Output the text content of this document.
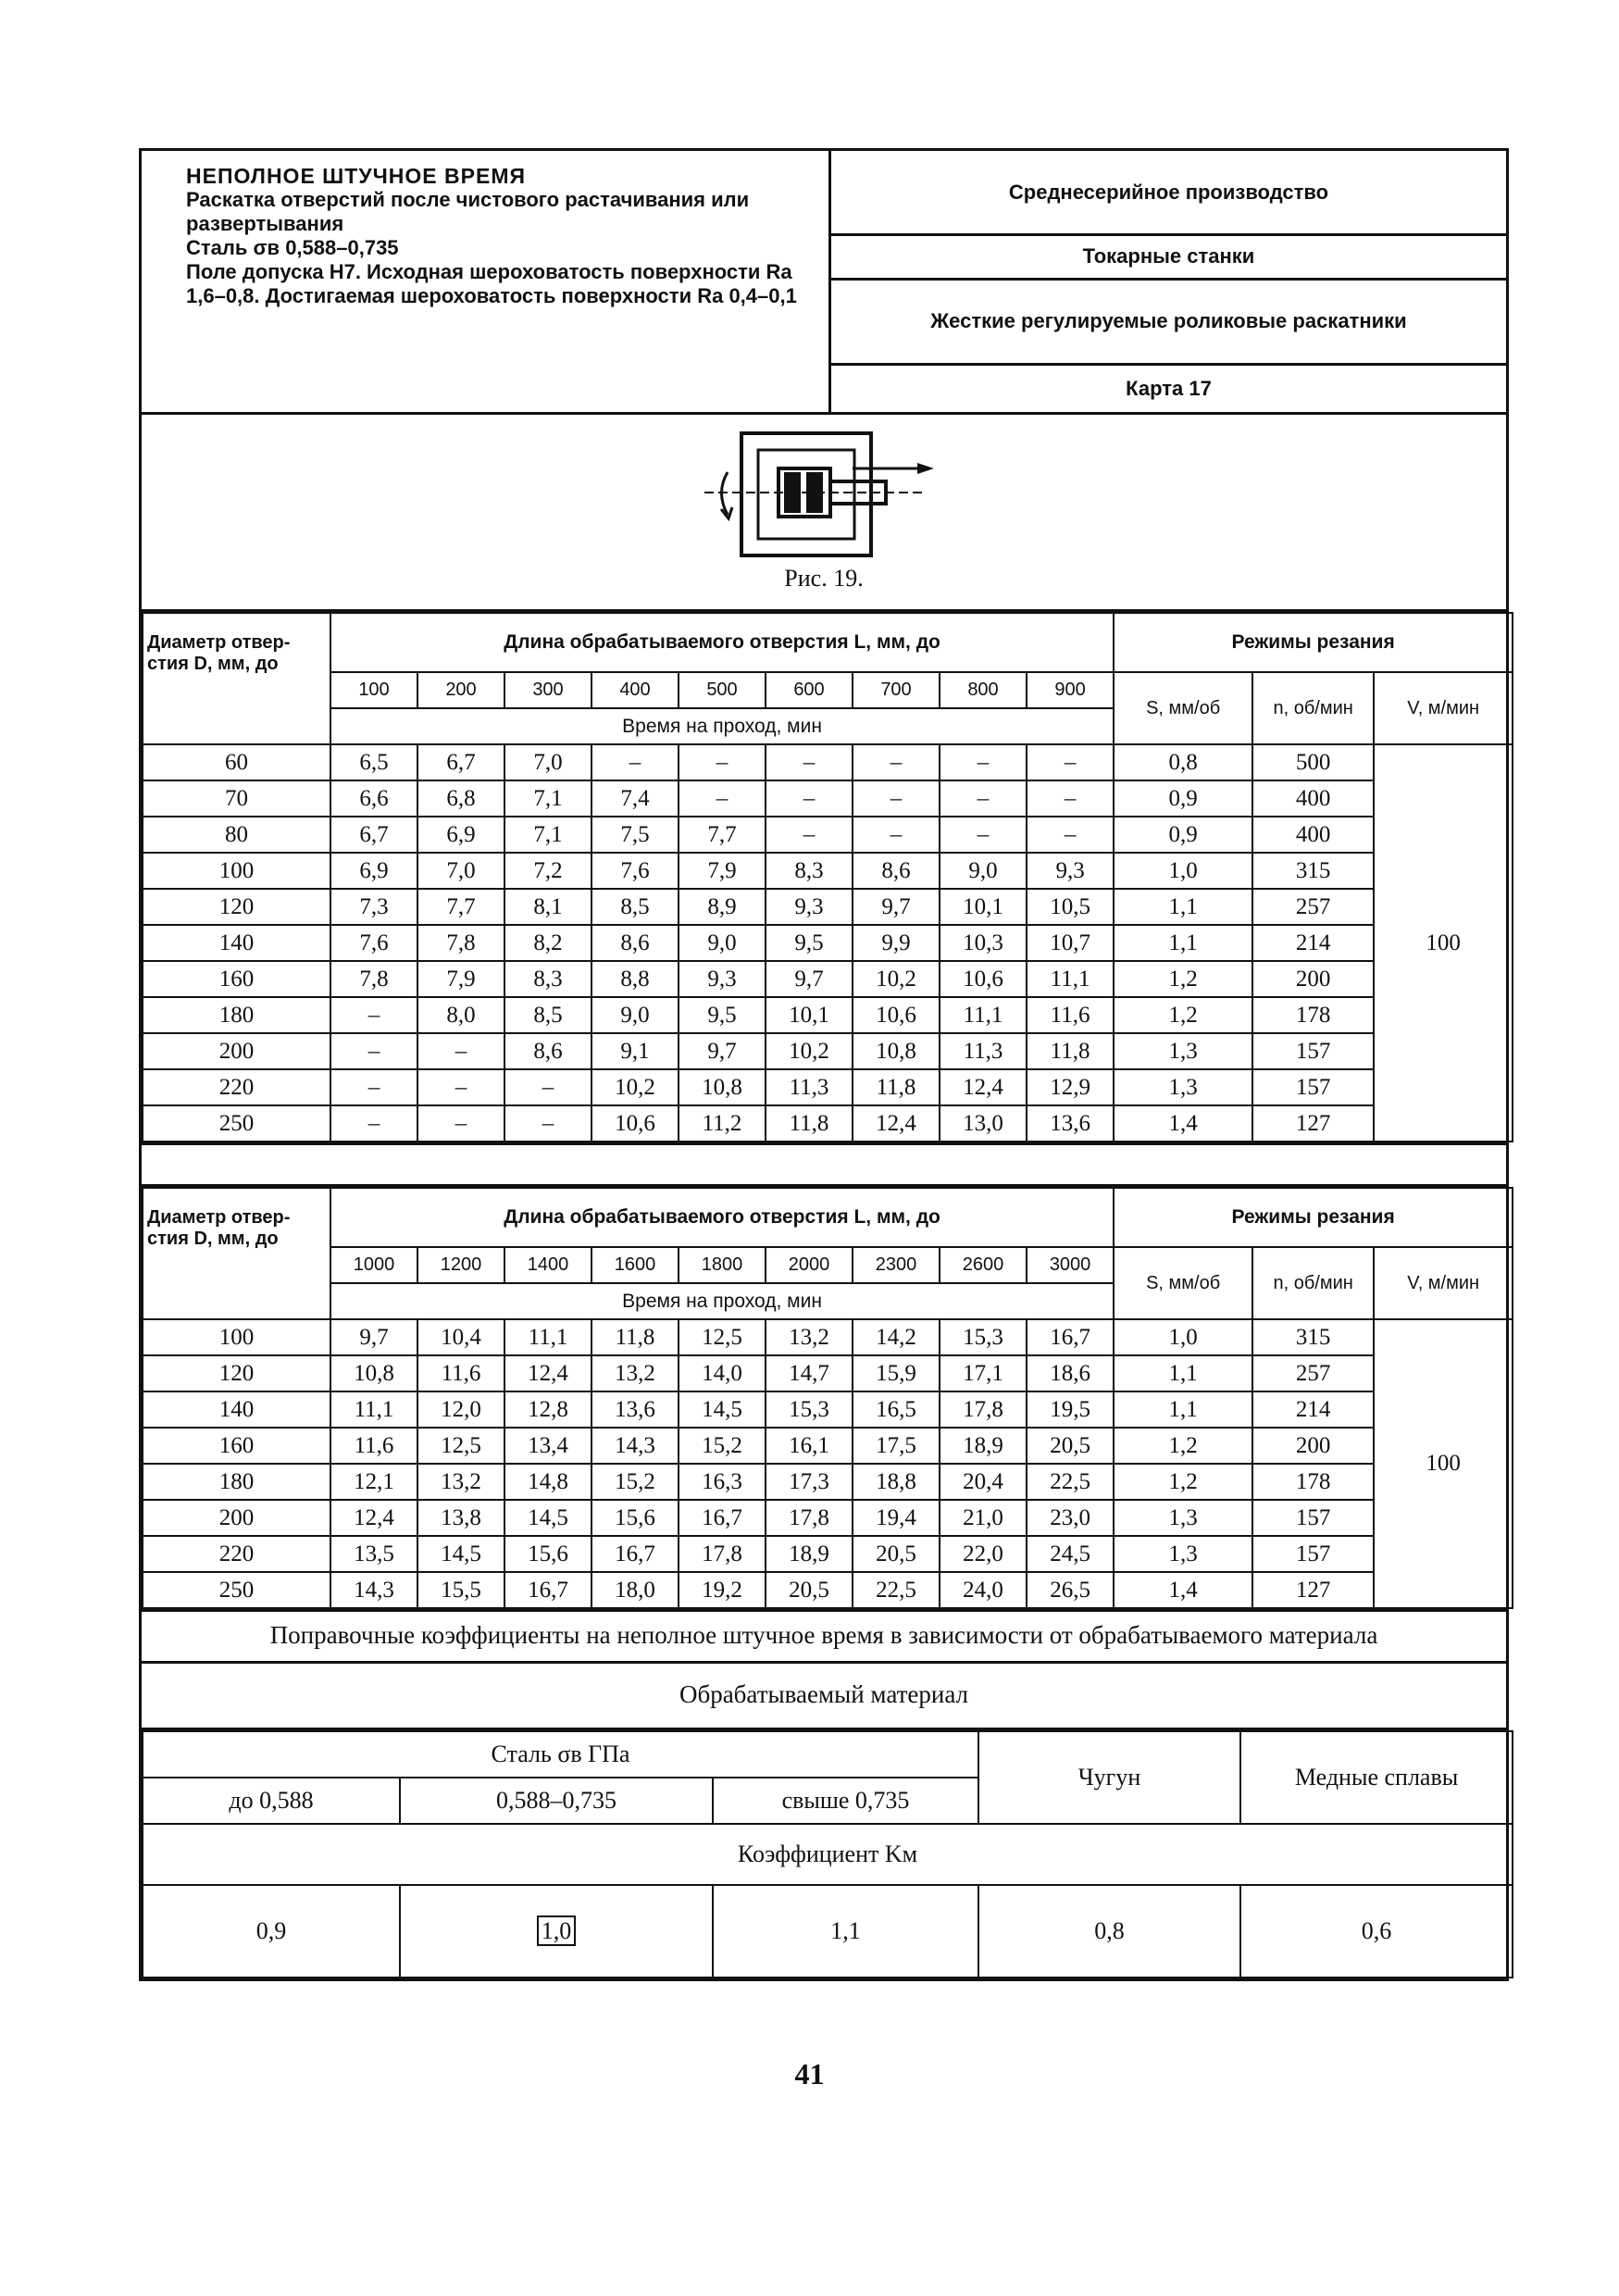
НЕПОЛНОЕ ШТУЧНОЕ ВРЕМЯ
Раскатка отверстий после чистового растачивания или развертывания
Сталь σв 0,588–0,735
Поле допуска Н7. Исходная шероховатость поверхности Ra 1,6–0,8. Достигаемая шероховатость поверхности Ra 0,4–0,1
Среднесерийное производство
Токарные станки
Жесткие регулируемые роликовые раскатники
Карта 17
Рис. 19.
Диаметр отвер-
стия D, мм, до	Длина обрабатываемого отверстия L, мм, до									Режимы резания		
	100	200	300	400	500	600	700	800	900	S, мм/об	n, об/мин	V, м/мин
	Время на проход, мин											
60	6,5	6,7	7,0	–	–	–	–	–	–	0,8	500	100
70	6,6	6,8	7,1	7,4	–	–	–	–	–	0,9	400	
80	6,7	6,9	7,1	7,5	7,7	–	–	–	–	0,9	400	
100	6,9	7,0	7,2	7,6	7,9	8,3	8,6	9,0	9,3	1,0	315	
120	7,3	7,7	8,1	8,5	8,9	9,3	9,7	10,1	10,5	1,1	257	
140	7,6	7,8	8,2	8,6	9,0	9,5	9,9	10,3	10,7	1,1	214	
160	7,8	7,9	8,3	8,8	9,3	9,7	10,2	10,6	11,1	1,2	200	
180	–	8,0	8,5	9,0	9,5	10,1	10,6	11,1	11,6	1,2	178	
200	–	–	8,6	9,1	9,7	10,2	10,8	11,3	11,8	1,3	157	
220	–	–	–	10,2	10,8	11,3	11,8	12,4	12,9	1,3	157	
250	–	–	–	10,6	11,2	11,8	12,4	13,0	13,6	1,4	127	
Диаметр отвер-
стия D, мм, до	Длина обрабатываемого отверстия L, мм, до									Режимы резания		
	1000	1200	1400	1600	1800	2000	2300	2600	3000	S, мм/об	n, об/мин	V, м/мин
	Время на проход, мин											
100	9,7	10,4	11,1	11,8	12,5	13,2	14,2	15,3	16,7	1,0	315	100
120	10,8	11,6	12,4	13,2	14,0	14,7	15,9	17,1	18,6	1,1	257	
140	11,1	12,0	12,8	13,6	14,5	15,3	16,5	17,8	19,5	1,1	214	
160	11,6	12,5	13,4	14,3	15,2	16,1	17,5	18,9	20,5	1,2	200	
180	12,1	13,2	14,8	15,2	16,3	17,3	18,8	20,4	22,5	1,2	178	
200	12,4	13,8	14,5	15,6	16,7	17,8	19,4	21,0	23,0	1,3	157	
220	13,5	14,5	15,6	16,7	17,8	18,9	20,5	22,0	24,5	1,3	157	
250	14,3	15,5	16,7	18,0	19,2	20,5	22,5	24,0	26,5	1,4	127	
Поправочные коэффициенты на неполное штучное время в зависимости от обрабатываемого материала
Обрабатываемый материал
Сталь σв ГПа			Чугун	Медные сплавы
до 0,588	0,588–0,735	свыше 0,735		
Коэффициент Kм				
0,9	1,0	1,1	0,8	0,6
41
